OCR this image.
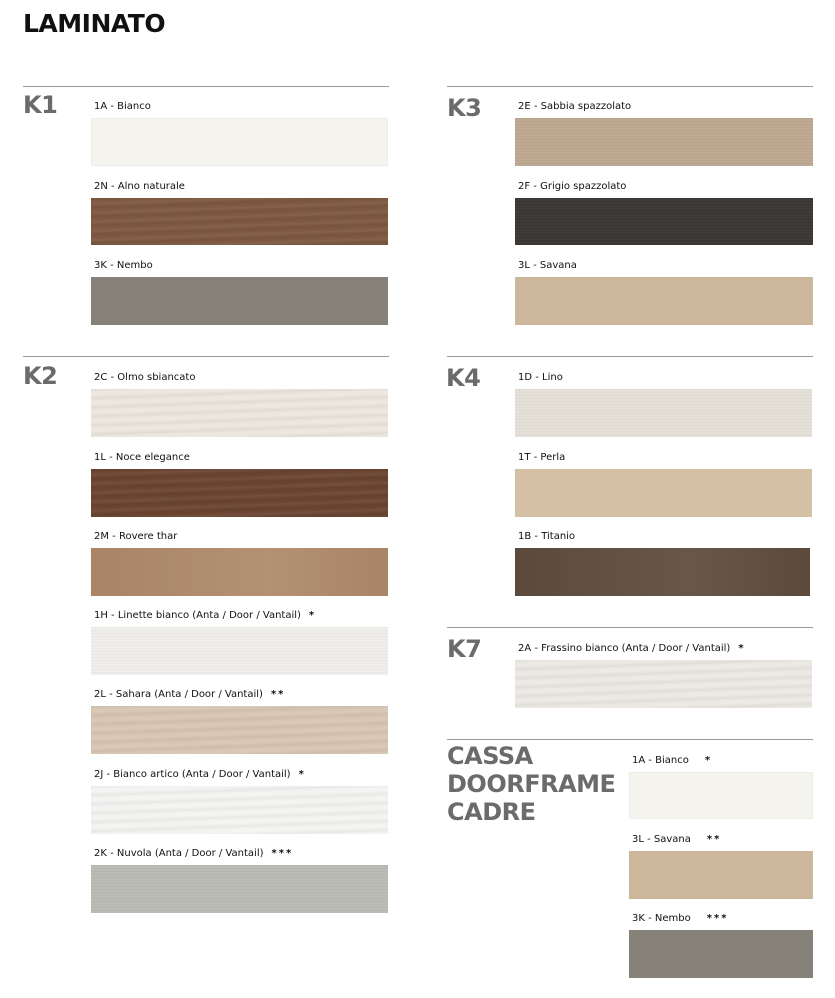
LAMINATO
K1	1A - Bianco
2N - Alno naturale
3K - Nembo
K3	2E - Sabbia spazzolato
2F - Grigio spazzolato
3L - Savana
K2	2C - Olmo sbiancato
1L - Noce elegance
2M - Rovere thar
1H - Linette bianco (Anta / Door / Vantail) *
2L - Sahara (Anta / Door / Vantail) **
2J - Bianco artico (Anta / Door / Vantail) *
2K - Nuvola (Anta / Door / Vantail) ***
K4	1D - Lino
1T - Perla
1B - Titanio
K7	2A - Frassino bianco (Anta / Door / Vantail) *
CASSA
DOORFRAME
CADRE
1A - Bianco *
3L - Savana **
3K - Nembo ***
